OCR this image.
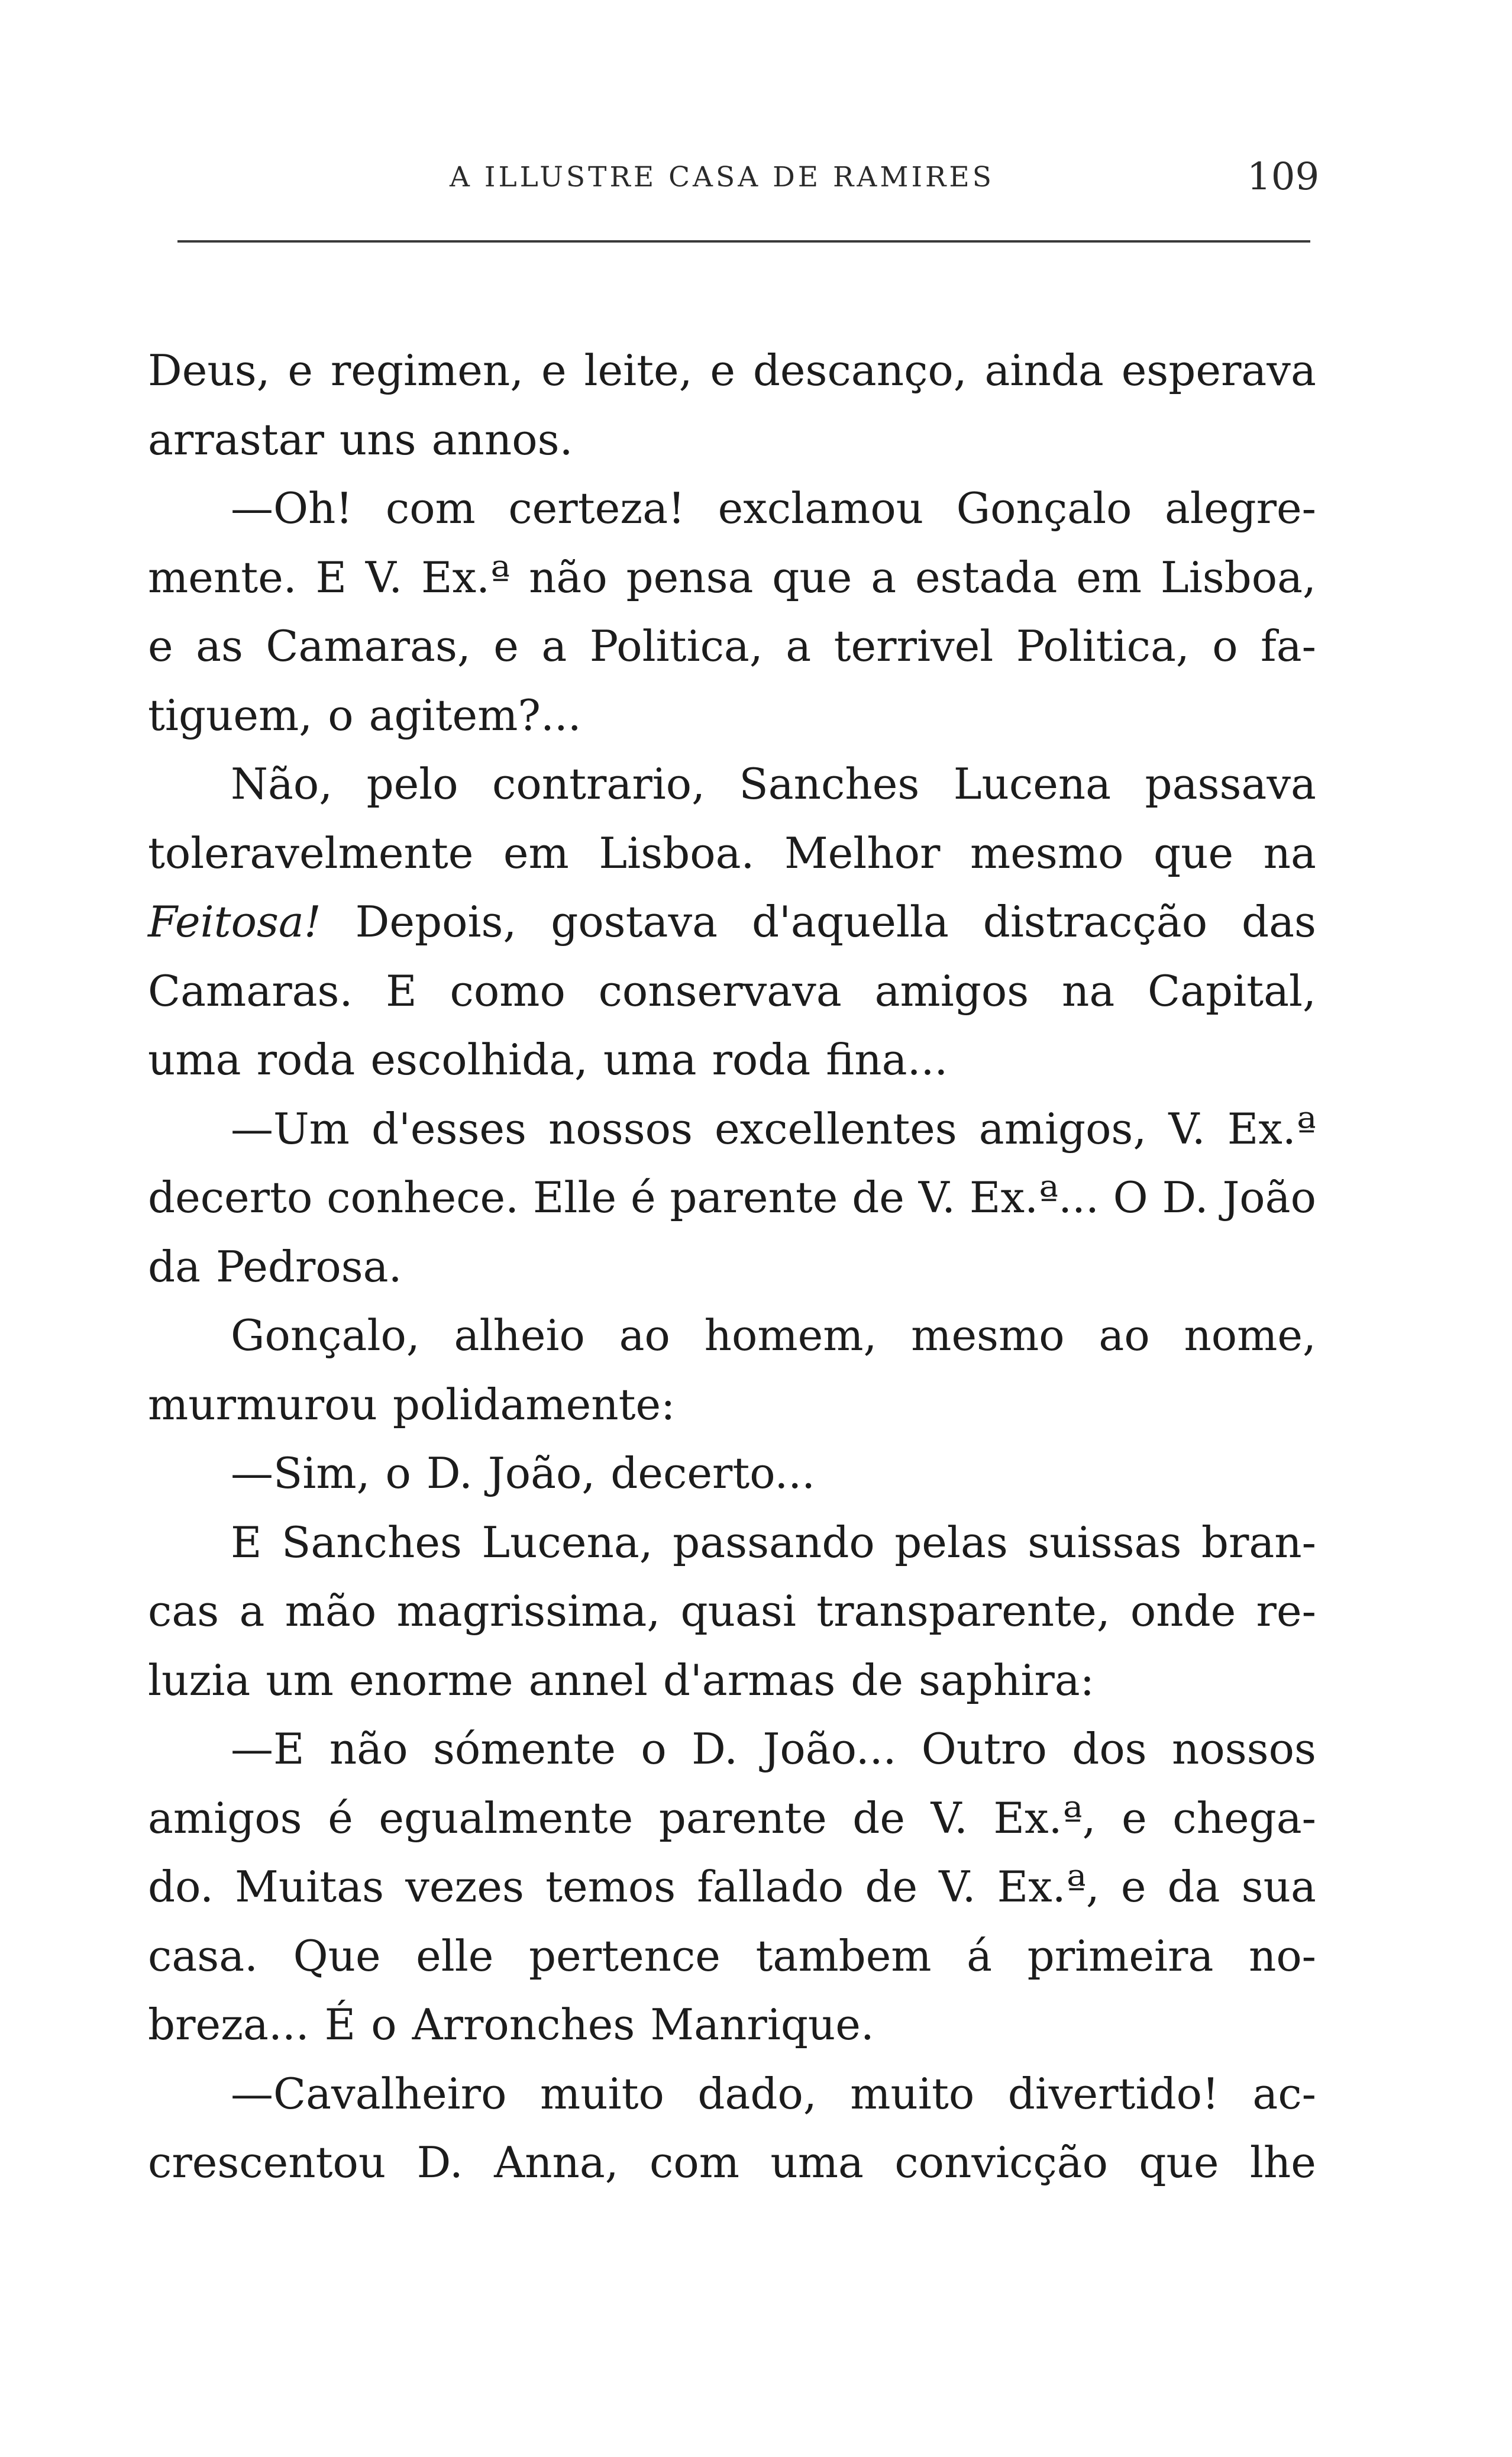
A ILLUSTRE CASA DE RAMIRES	109
Deus, e regimen, e leite, e descanço, ainda esperava
arrastar uns annos.
—Oh! com certeza! exclamou Gonçalo alegre-
mente. E V. Ex.ª não pensa que a estada em Lisboa,
e as Camaras, e a Politica, a terrivel Politica, o fa-
tiguem, o agitem?...
Não, pelo contrario, Sanches Lucena passava
toleravelmente em Lisboa. Melhor mesmo que na
Feitosa! Depois, gostava d'aquella distracção das
Camaras. E como conservava amigos na Capital,
uma roda escolhida, uma roda fina...
—Um d'esses nossos excellentes amigos, V. Ex.ª
decerto conhece. Elle é parente de V. Ex.ª... O D. João
da Pedrosa.
Gonçalo, alheio ao homem, mesmo ao nome,
murmurou polidamente:
—Sim, o D. João, decerto...
E Sanches Lucena, passando pelas suissas bran-
cas a mão magrissima, quasi transparente, onde re-
luzia um enorme annel d'armas de saphira:
—E não sómente o D. João... Outro dos nossos
amigos é egualmente parente de V. Ex.ª, e chega-
do. Muitas vezes temos fallado de V. Ex.ª, e da sua
casa. Que elle pertence tambem á primeira no-
breza... É o Arronches Manrique.
—Cavalheiro muito dado, muito divertido! ac-
crescentou D. Anna, com uma convicção que lhe
